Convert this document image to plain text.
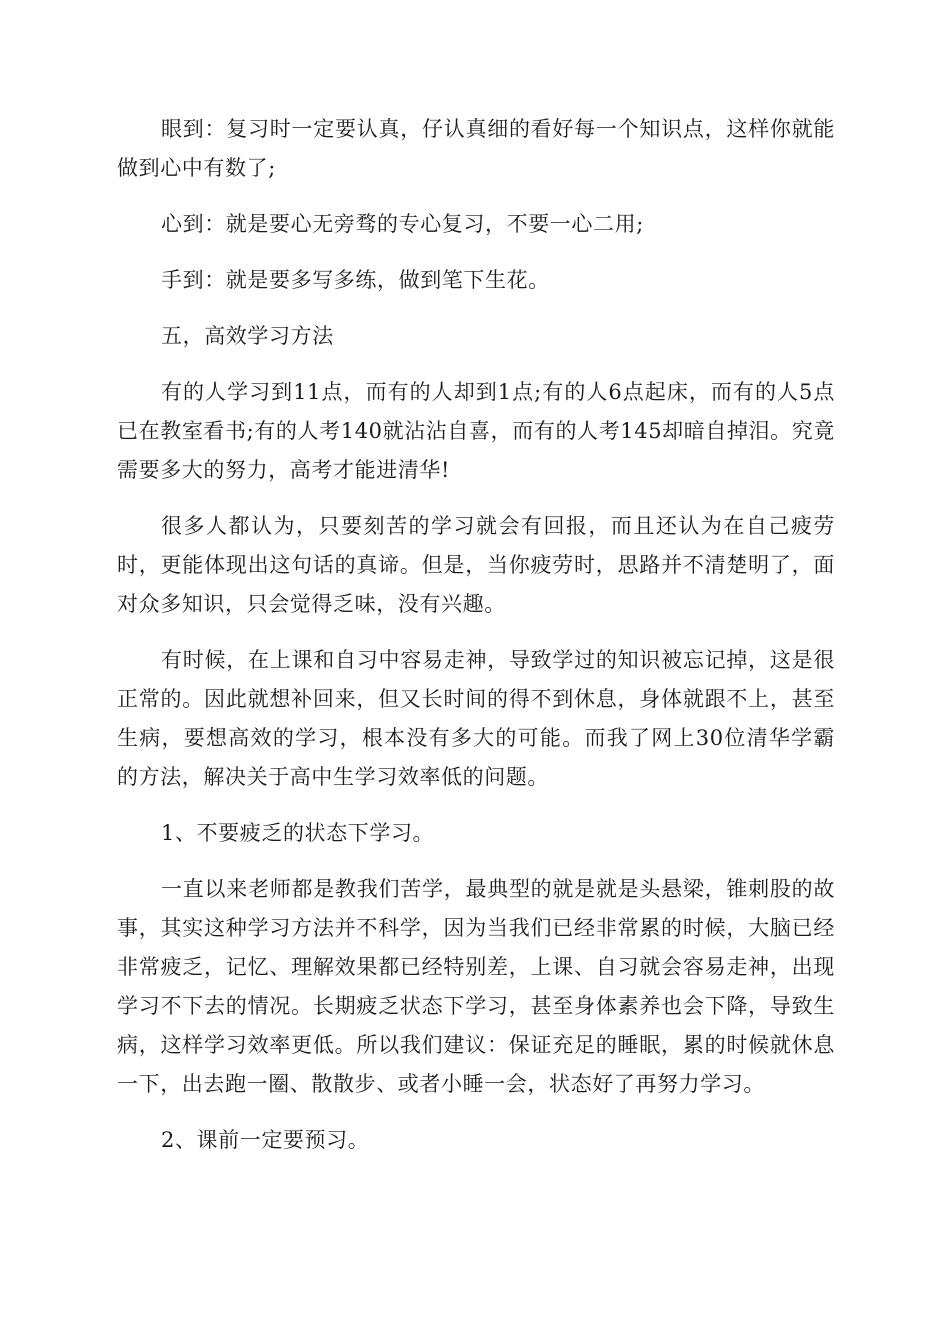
眼到：复习时一定要认真，仔认真细的看好每一个知识点，这样你就能做到心中有数了;

心到：就是要心无旁骛的专心复习，不要一心二用;

手到：就是要多写多练，做到笔下生花。

五，高效学习方法

有的人学习到11点，而有的人却到1点;有的人6点起床，而有的人5点已在教室看书;有的人考140就沾沾自喜，而有的人考145却暗自掉泪。究竟需要多大的努力，高考才能进清华!

很多人都认为，只要刻苦的学习就会有回报，而且还认为在自己疲劳时，更能体现出这句话的真谛。但是，当你疲劳时，思路并不清楚明了，面对众多知识，只会觉得乏味，没有兴趣。

有时候，在上课和自习中容易走神，导致学过的知识被忘记掉，这是很正常的。因此就想补回来，但又长时间的得不到休息，身体就跟不上，甚至生病，要想高效的学习，根本没有多大的可能。而我了网上30位清华学霸的方法，解决关于高中生学习效率低的问题。

1、不要疲乏的状态下学习。

一直以来老师都是教我们苦学，最典型的就是就是头悬梁，锥刺股的故事，其实这种学习方法并不科学，因为当我们已经非常累的时候，大脑已经非常疲乏，记忆、理解效果都已经特别差，上课、自习就会容易走神，出现学习不下去的情况。长期疲乏状态下学习，甚至身体素养也会下降，导致生病，这样学习效率更低。所以我们建议：保证充足的睡眠，累的时候就休息一下，出去跑一圈、散散步、或者小睡一会，状态好了再努力学习。

2、课前一定要预习。
